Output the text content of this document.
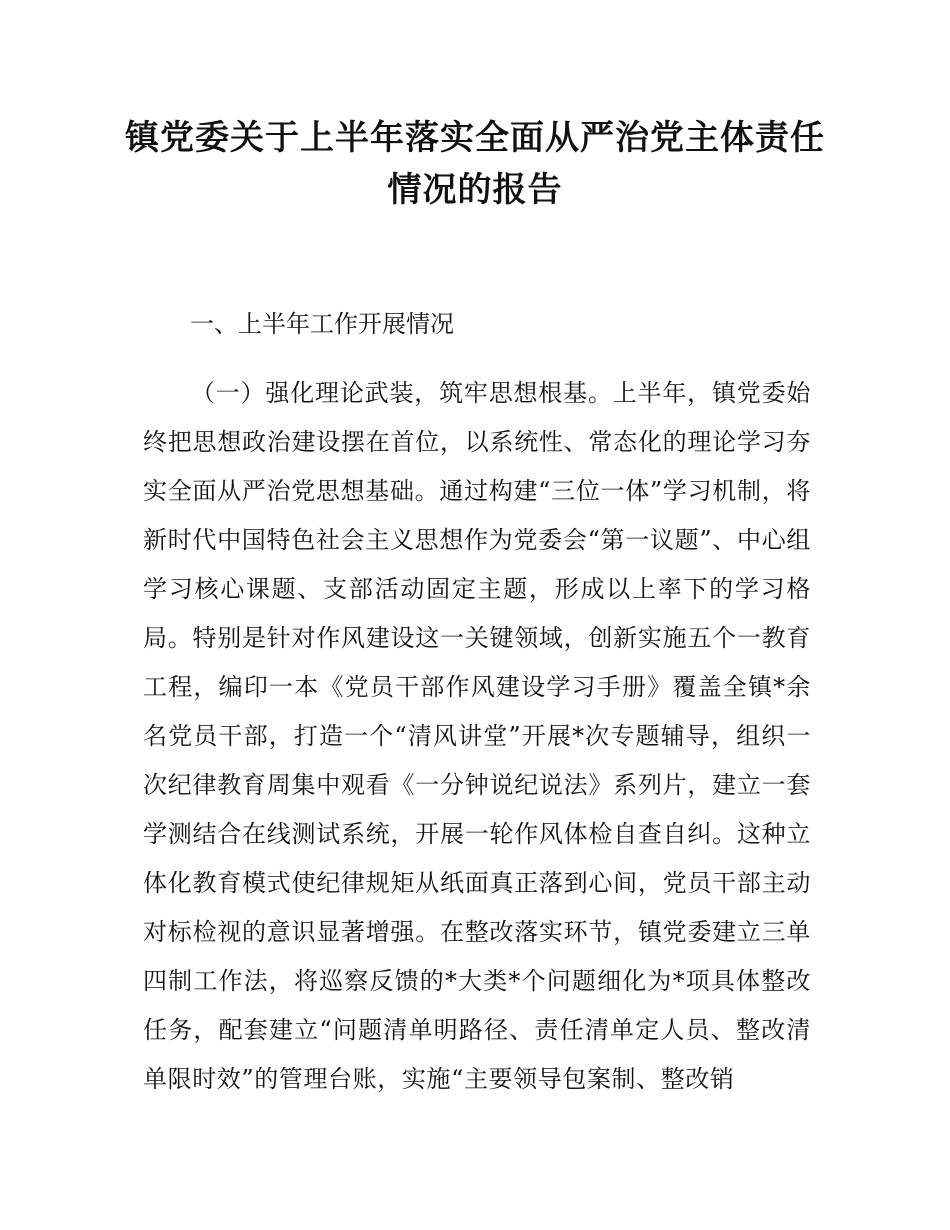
镇党委关于上半年落实全面从严治党主体责任情况的报告
一、上半年工作开展情况

（一）强化理论武装，筑牢思想根基。上半年，镇党委始终把思想政治建设摆在首位，以系统性、常态化的理论学习夯实全面从严治党思想基础。通过构建“三位一体”学习机制，将新时代中国特色社会主义思想作为党委会“第一议题”、中心组学习核心课题、支部活动固定主题，形成以上率下的学习格局。特别是针对作风建设这一关键领域，创新实施五个一教育工程，编印一本《党员干部作风建设学习手册》覆盖全镇*余名党员干部，打造一个“清风讲堂”开展*次专题辅导，组织一次纪律教育周集中观看《一分钟说纪说法》系列片，建立一套学测结合在线测试系统，开展一轮作风体检自查自纠。这种立体化教育模式使纪律规矩从纸面真正落到心间，党员干部主动对标检视的意识显著增强。在整改落实环节，镇党委建立三单四制工作法，将巡察反馈的*大类*个问题细化为*项具体整改任务，配套建立“问题清单明路径、责任清单定人员、整改清单限时效”的管理台账，实施“主要领导包案制、整改销
